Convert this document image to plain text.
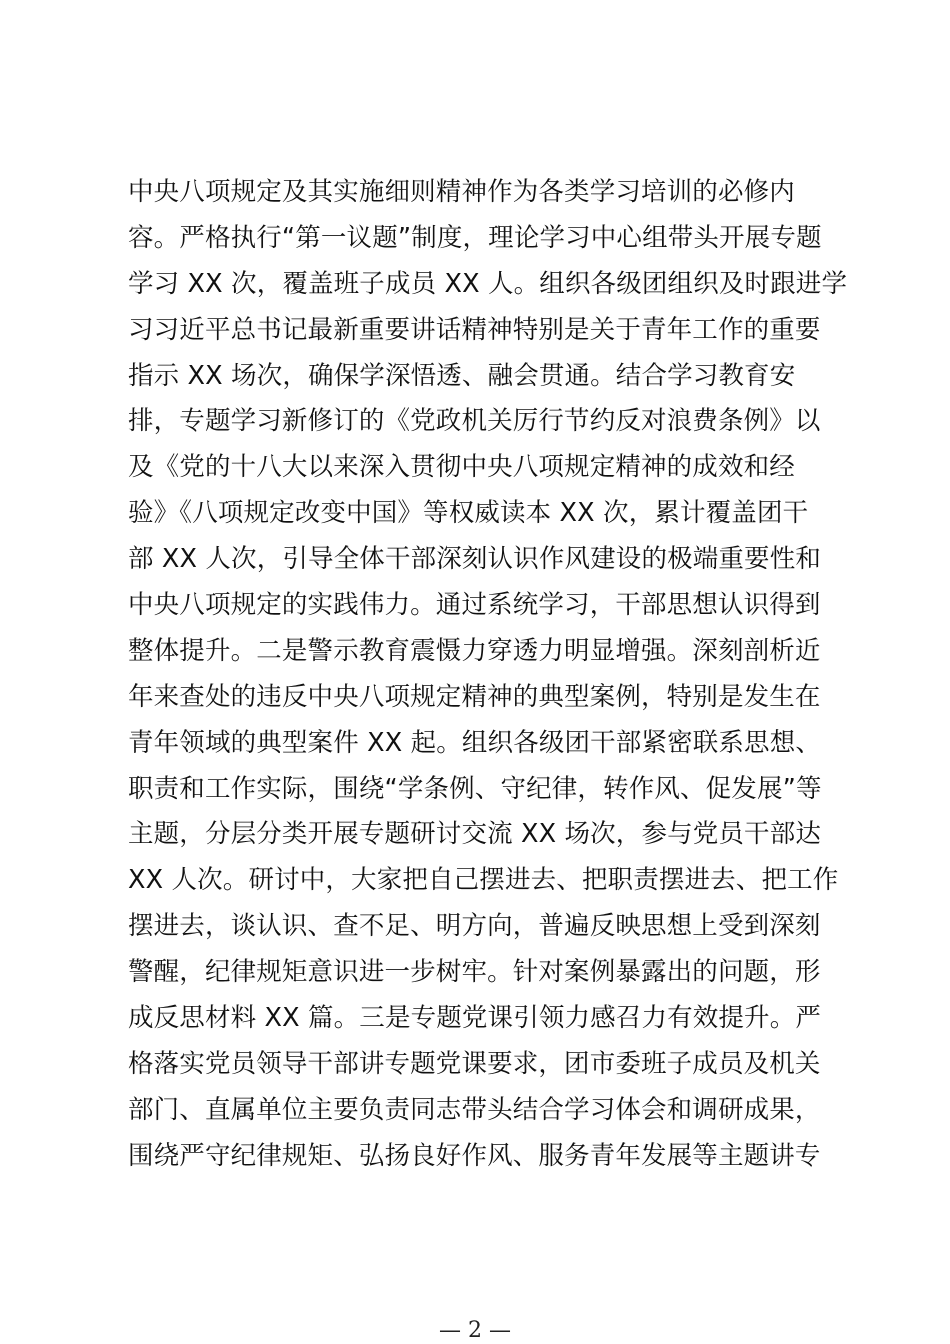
中央八项规定及其实施细则精神作为各类学习培训的必修内
容。严格执行“第一议题”制度，理论学习中心组带头开展专题
学习 XX 次，覆盖班子成员 XX 人。组织各级团组织及时跟进学
习习近平总书记最新重要讲话精神特别是关于青年工作的重要
指示 XX 场次，确保学深悟透、融会贯通。结合学习教育安
排，专题学习新修订的《党政机关厉行节约反对浪费条例》以
及《党的十八大以来深入贯彻中央八项规定精神的成效和经
验》《八项规定改变中国》等权威读本 XX 次，累计覆盖团干
部 XX 人次，引导全体干部深刻认识作风建设的极端重要性和
中央八项规定的实践伟力。通过系统学习，干部思想认识得到
整体提升。二是警示教育震慑力穿透力明显增强。深刻剖析近
年来查处的违反中央八项规定精神的典型案例，特别是发生在
青年领域的典型案件 XX 起。组织各级团干部紧密联系思想、
职责和工作实际，围绕“学条例、守纪律，转作风、促发展”等
主题，分层分类开展专题研讨交流 XX 场次，参与党员干部达
XX 人次。研讨中，大家把自己摆进去、把职责摆进去、把工作
摆进去，谈认识、查不足、明方向，普遍反映思想上受到深刻
警醒，纪律规矩意识进一步树牢。针对案例暴露出的问题，形
成反思材料 XX 篇。三是专题党课引领力感召力有效提升。严
格落实党员领导干部讲专题党课要求，团市委班子成员及机关
部门、直属单位主要负责同志带头结合学习体会和调研成果，
围绕严守纪律规矩、弘扬良好作风、服务青年发展等主题讲专
— 2 —
